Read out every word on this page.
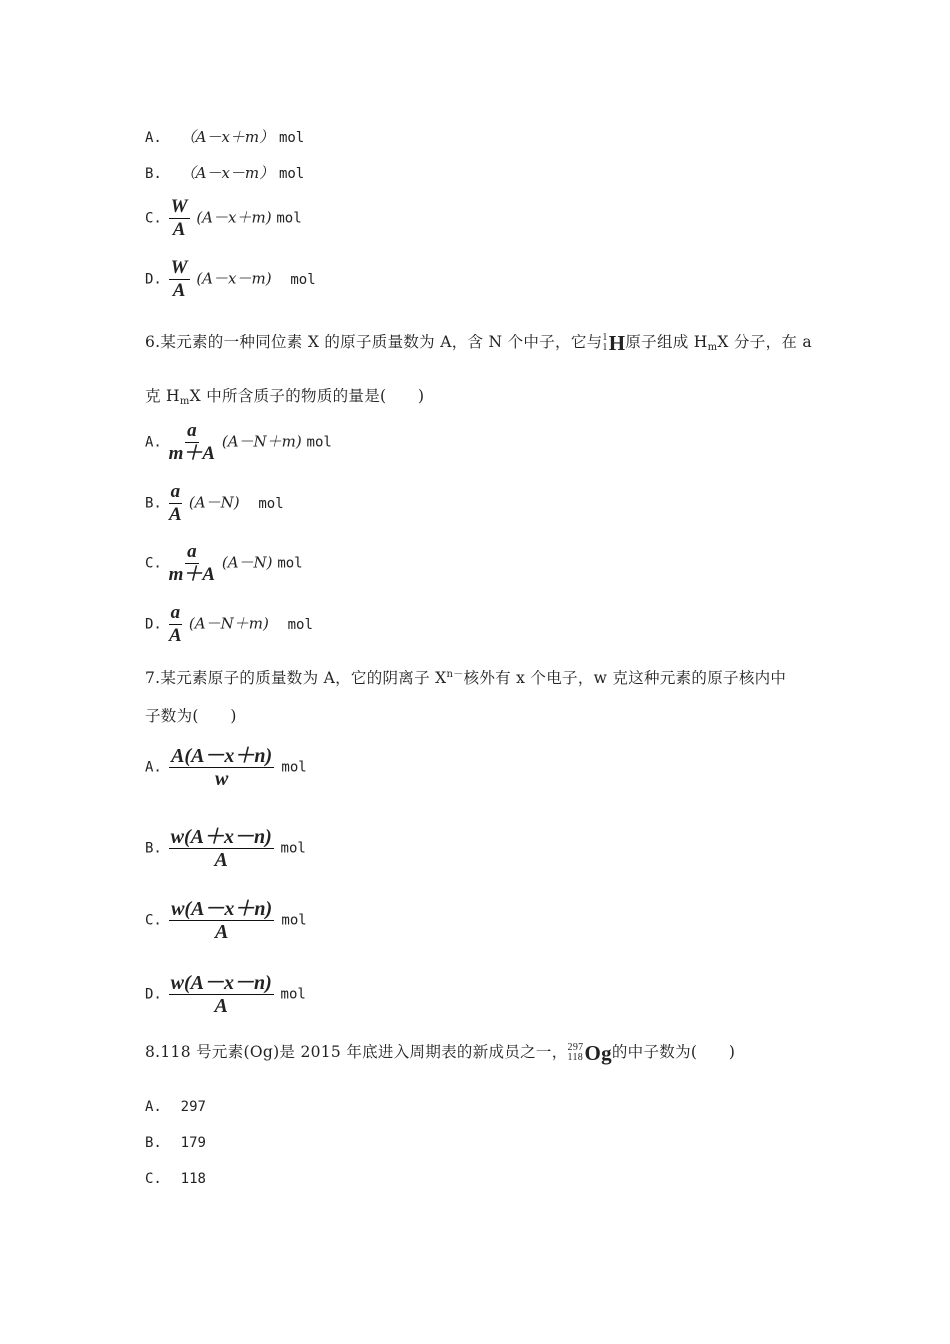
A. （A－x＋m） mol
B. （A－x－m） mol
C. $\frac{W}{A} (A-x+m)$ mol
D. $\frac{W}{A} (A-x-m)$ mol
6.某元素的一种同位素 X 的原子质量数为 A，含 N 个中子，它与 1
1 H 原子组成 $H_mX$ 分子，在 a
克 $H_mX$ 中所含质子的物质的量是(　　)
A. $\frac{a}{m+A} (A-N+m)$ mol
B. $\frac{a}{A} (A-N)$ mol
C. $\frac{a}{m+A} (A-N)$ mol
D. $\frac{a}{A} (A-N+m)$ mol
7.某元素原子的质量数为 A，它的阴离子 $X^{n-}$核外有 x 个电子，w 克这种元素的原子核内中
子数为(　　)
A. $\frac{A(A-x+n)}{w}$ mol
B. $\frac{w(A+x-n)}{A}$ mol
C. $\frac{w(A-x+n)}{A}$ mol
D. $\frac{w(A-x-n)}{A}$ mol
8.118 号元素(Og)是 2015 年底进入周期表的新成员之一， 297
118 Og 的中子数为(　　)
A. 297
B. 179
C. 118
